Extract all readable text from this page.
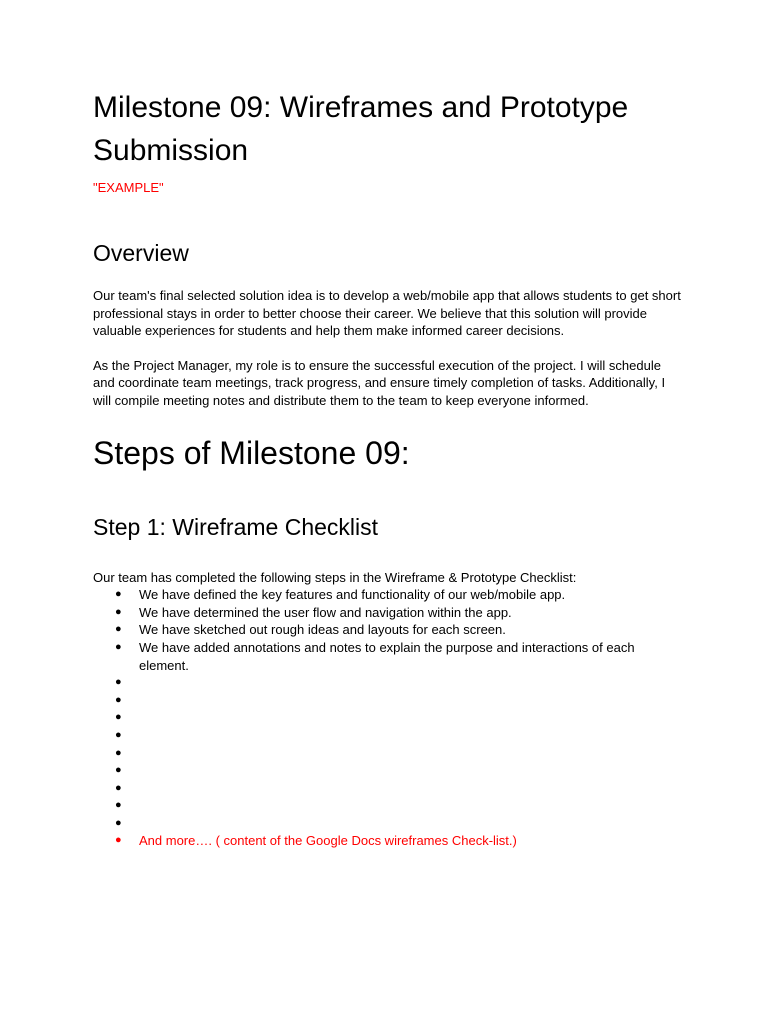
Milestone 09: Wireframes and Prototype Submission

"EXAMPLE"

Overview

Our team's final selected solution idea is to develop a web/mobile app that allows students to get short professional stays in order to better choose their career. We believe that this solution will provide valuable experiences for students and help them make informed career decisions.

As the Project Manager, my role is to ensure the successful execution of the project. I will schedule and coordinate team meetings, track progress, and ensure timely completion of tasks. Additionally, I will compile meeting notes and distribute them to the team to keep everyone informed.

Steps of Milestone 09:
Step 1: Wireframe Checklist

Our team has completed the following steps in the Wireframe & Prototype Checklist:

● We have defined the key features and functionality of our web/mobile app.
● We have determined the user flow and navigation within the app.
● We have sketched out rough ideas and layouts for each screen.
● We have added annotations and notes to explain the purpose and interactions of each element.
●
●
●
●
●
●
●
●
●
● And more…. ( content of the Google Docs wireframes Check-list.)
